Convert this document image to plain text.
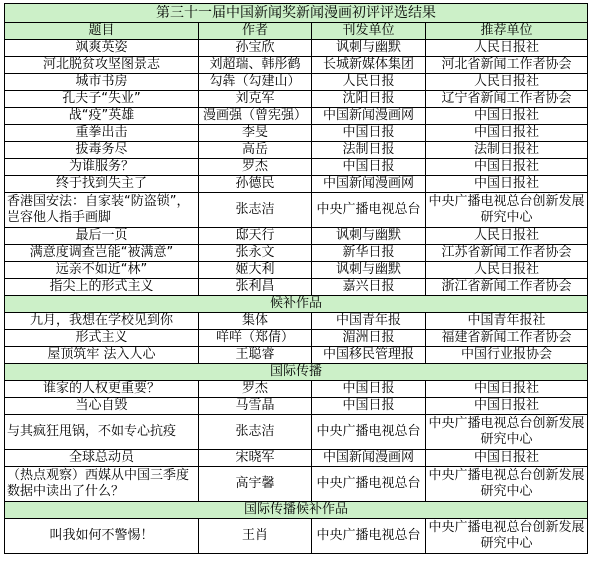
第三十一届中国新闻奖新闻漫画初评评选结果			
题目	作者	刊发单位	推荐单位
飒爽英姿	孙宝欣	讽刺与幽默	人民日报社
河北脱贫攻坚图景志	刘超瑞、韩彤鹤	长城新媒体集团	河北省新闻工作者协会
城市书房	勾犇（勾建山）	人民日报	人民日报社
孔夫子“失业”	刘克军	沈阳日报	辽宁省新闻工作者协会
战“疫”英雄	漫画强（曾宪强）	中国新闻漫画网	中国日报社
重拳出击	李旻	中国日报	中国日报社
拔毒务尽	高岳	法制日报	法制日报社
为谁服务？	罗杰	中国日报	中国日报社
终于找到失主了	孙德民	中国新闻漫画网	中国日报社
香港国安法：自家装“防盗锁”，岂容他人指手画脚	张志洁	中央广播电视总台	中央广播电视总台创新发展研究中心
最后一页	邸天行	讽刺与幽默	人民日报社
满意度调查岂能“被满意”	张永文	新华日报	江苏省新闻工作者协会
远亲不如近“林”	姬大利	讽刺与幽默	人民日报社
指尖上的形式主义	张利昌	嘉兴日报	浙江省新闻工作者协会
候补作品			
九月，我想在学校见到你	集体	中国青年报	中国青年报社
形式主义	咩咩（郑倩）	湄洲日报	福建省新闻工作者协会
屋顶筑牢 法入人心	王聪睿	中国移民管理报	中国行业报协会
国际传播			
谁家的人权更重要？	罗杰	中国日报	中国日报社
当心自毁	马雪晶	中国日报	中国日报社
与其疯狂甩锅，不如专心抗疫	张志洁	中央广播电视总台	中央广播电视总台创新发展研究中心
全球总动员	宋晓军	中国新闻漫画网	中国日报社
（热点观察）西媒从中国三季度数据中读出了什么？	高宇馨	中央广播电视总台	中央广播电视总台创新发展研究中心
国际传播候补作品			
叫我如何不警惕！	王肖	中央广播电视总台	中央广播电视总台创新发展研究中心
